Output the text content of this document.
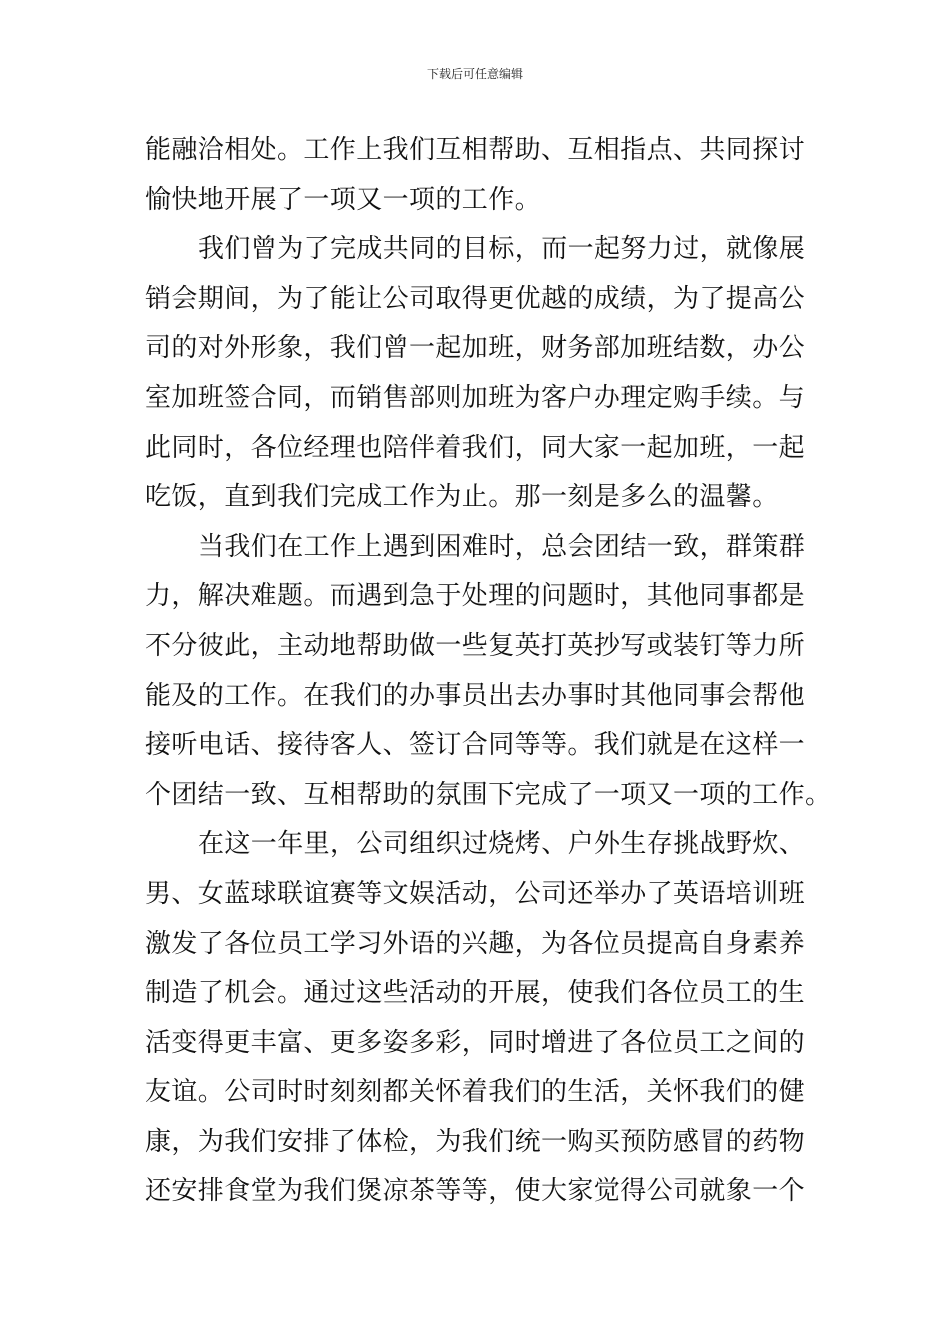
下载后可任意编辑
能融洽相处。工作上我们互相帮助、互相指点、共同探讨
愉快地开展了一项又一项的工作。
我们曾为了完成共同的目标，而一起努力过，就像展
销会期间，为了能让公司取得更优越的成绩，为了提高公
司的对外形象，我们曾一起加班，财务部加班结数，办公
室加班签合同，而销售部则加班为客户办理定购手续。与
此同时，各位经理也陪伴着我们，同大家一起加班，一起
吃饭，直到我们完成工作为止。那一刻是多么的温馨。
当我们在工作上遇到困难时，总会团结一致，群策群
力，解决难题。而遇到急于处理的问题时，其他同事都是
不分彼此，主动地帮助做一些复英打英抄写或装钉等力所
能及的工作。在我们的办事员出去办事时其他同事会帮他
接听电话、接待客人、签订合同等等。我们就是在这样一
个团结一致、互相帮助的氛围下完成了一项又一项的工作。
在这一年里，公司组织过烧烤、户外生存挑战野炊、
男、女蓝球联谊赛等文娱活动，公司还举办了英语培训班
激发了各位员工学习外语的兴趣，为各位员提高自身素养
制造了机会。通过这些活动的开展，使我们各位员工的生
活变得更丰富、更多姿多彩，同时增进了各位员工之间的
友谊。公司时时刻刻都关怀着我们的生活，关怀我们的健
康，为我们安排了体检，为我们统一购买预防感冒的药物
还安排食堂为我们煲凉茶等等，使大家觉得公司就象一个
